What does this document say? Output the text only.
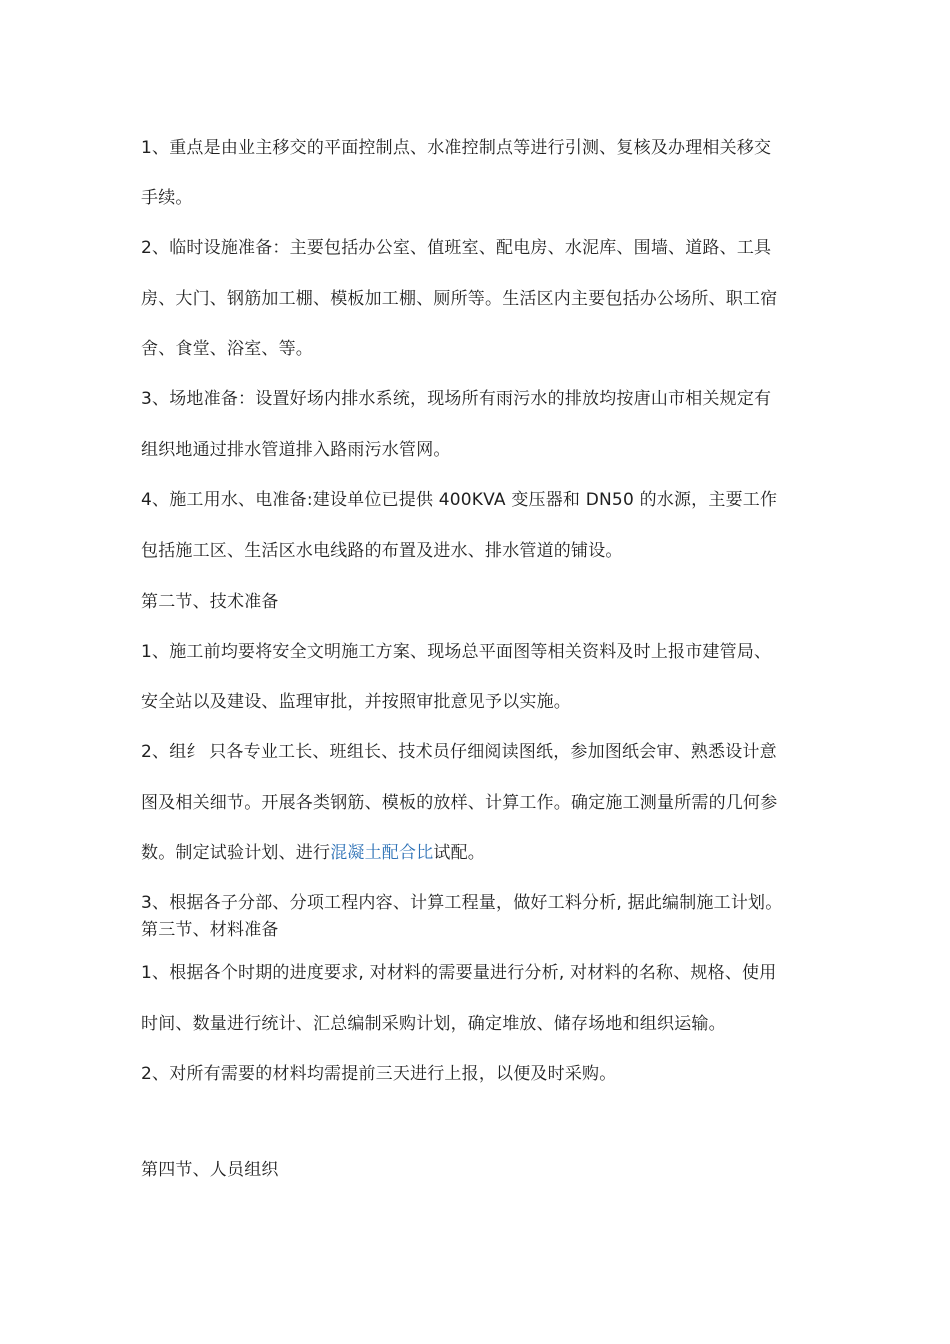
1、重点是由业主移交的平面控制点、水准控制点等进行引测、复核及办理相关移交
手续。
2、临时设施准备：主要包括办公室、值班室、配电房、水泥库、围墙、道路、工具
房、大门、钢筋加工棚、模板加工棚、厕所等。生活区内主要包括办公场所、职工宿
舍、食堂、浴室、等。
3、场地准备：设置好场内排水系统，现场所有雨污水的排放均按唐山市相关规定有
组织地通过排水管道排入路雨污水管网。
4、施工用水、电准备:建设单位已提供 400KVA 变压器和 DN50 的水源，主要工作
包括施工区、生活区水电线路的布置及进水、排水管道的铺设。
第二节、技术准备
1、施工前均要将安全文明施工方案、现场总平面图等相关资料及时上报市建管局、
安全站以及建设、监理审批，并按照审批意见予以实施。
2、组纟 只各专业工长、班组长、技术员仔细阅读图纸，参加图纸会审、熟悉设计意
图及相关细节。开展各类钢筋、模板的放样、计算工作。确定施工测量所需的几何参
数。制定试验计划、进行混凝土配合比试配。
3、根据各子分部、分项工程内容、计算工程量，做好工料分析, 据此编制施工计划。
第三节、材料准备
1、根据各个时期的进度要求, 对材料的需要量进行分析, 对材料的名称、规格、使用
时间、数量进行统计、汇总编制采购计划，确定堆放、储存场地和组织运输。
2、对所有需要的材料均需提前三天进行上报，以便及时采购。
第四节、人员组织
